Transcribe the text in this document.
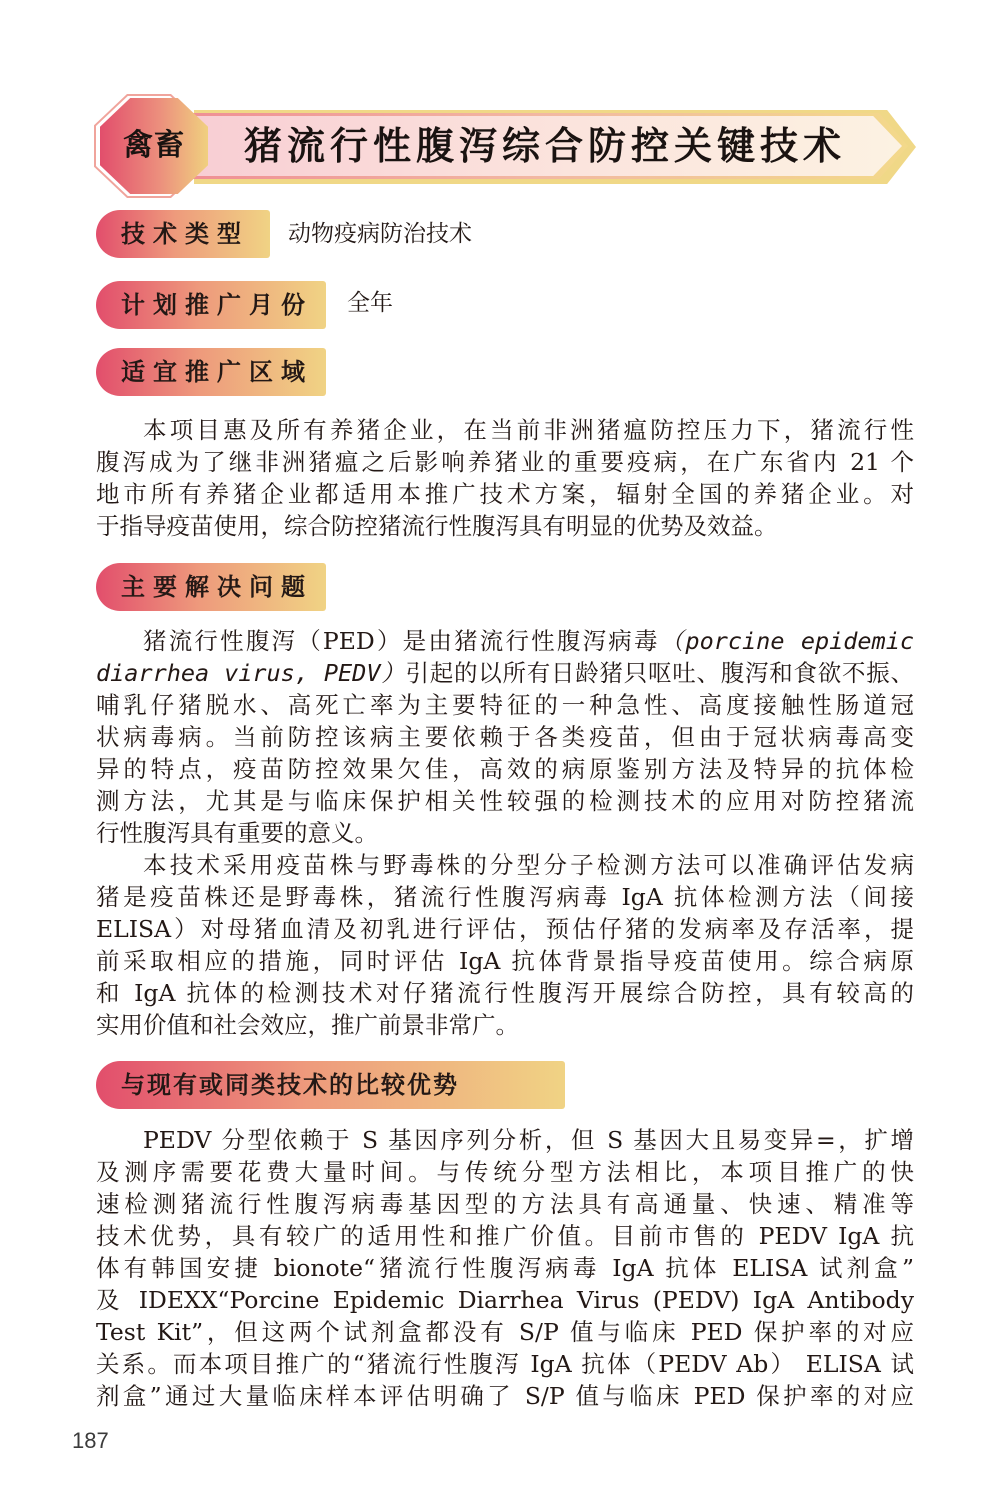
猪流行性腹泻综合防控关键技术
禽畜
技术类型	动物疫病防治技术
计划推广月份	全年
适宜推广区域
本项目惠及所有养猪企业，在当前非洲猪瘟防控压力下，猪流行性
腹泻成为了继非洲猪瘟之后影响养猪业的重要疫病，在广东省内 21 个
地市所有养猪企业都适用本推广技术方案，辐射全国的养猪企业。对
于指导疫苗使用，综合防控猪流行性腹泻具有明显的优势及效益。
主要解决问题
猪流行性腹泻（PED）是由猪流行性腹泻病毒（porcine epidemic
diarrhea virus, PEDV）引起的以所有日龄猪只呕吐、腹泻和食欲不振、
哺乳仔猪脱水、高死亡率为主要特征的一种急性、高度接触性肠道冠
状病毒病。当前防控该病主要依赖于各类疫苗，但由于冠状病毒高变
异的特点，疫苗防控效果欠佳，高效的病原鉴别方法及特异的抗体检
测方法，尤其是与临床保护相关性较强的检测技术的应用对防控猪流
行性腹泻具有重要的意义。
本技术采用疫苗株与野毒株的分型分子检测方法可以准确评估发病
猪是疫苗株还是野毒株，猪流行性腹泻病毒 IgA 抗体检测方法（间接
ELISA）对母猪血清及初乳进行评估，预估仔猪的发病率及存活率，提
前采取相应的措施，同时评估 IgA 抗体背景指导疫苗使用。综合病原
和 IgA 抗体的检测技术对仔猪流行性腹泻开展综合防控，具有较高的
实用价值和社会效应，推广前景非常广。
与现有或同类技术的比较优势
PEDV 分型依赖于 S 基因序列分析，但 S 基因大且易变异=，扩增
及测序需要花费大量时间。与传统分型方法相比，本项目推广的快
速检测猪流行性腹泻病毒基因型的方法具有高通量、快速、精准等
技术优势，具有较广的适用性和推广价值。目前市售的 PEDV IgA 抗
体有韩国安捷 bionote“猪流行性腹泻病毒 IgA 抗体 ELISA 试剂盒”
及 IDEXX“Porcine Epidemic Diarrhea Virus (PEDV) IgA Antibody
Test Kit”，但这两个试剂盒都没有 S/P 值与临床 PED 保护率的对应
关系。而本项目推广的“猪流行性腹泻 IgA 抗体（PEDV Ab） ELISA 试
剂盒”通过大量临床样本评估明确了 S/P 值与临床 PED 保护率的对应
187
